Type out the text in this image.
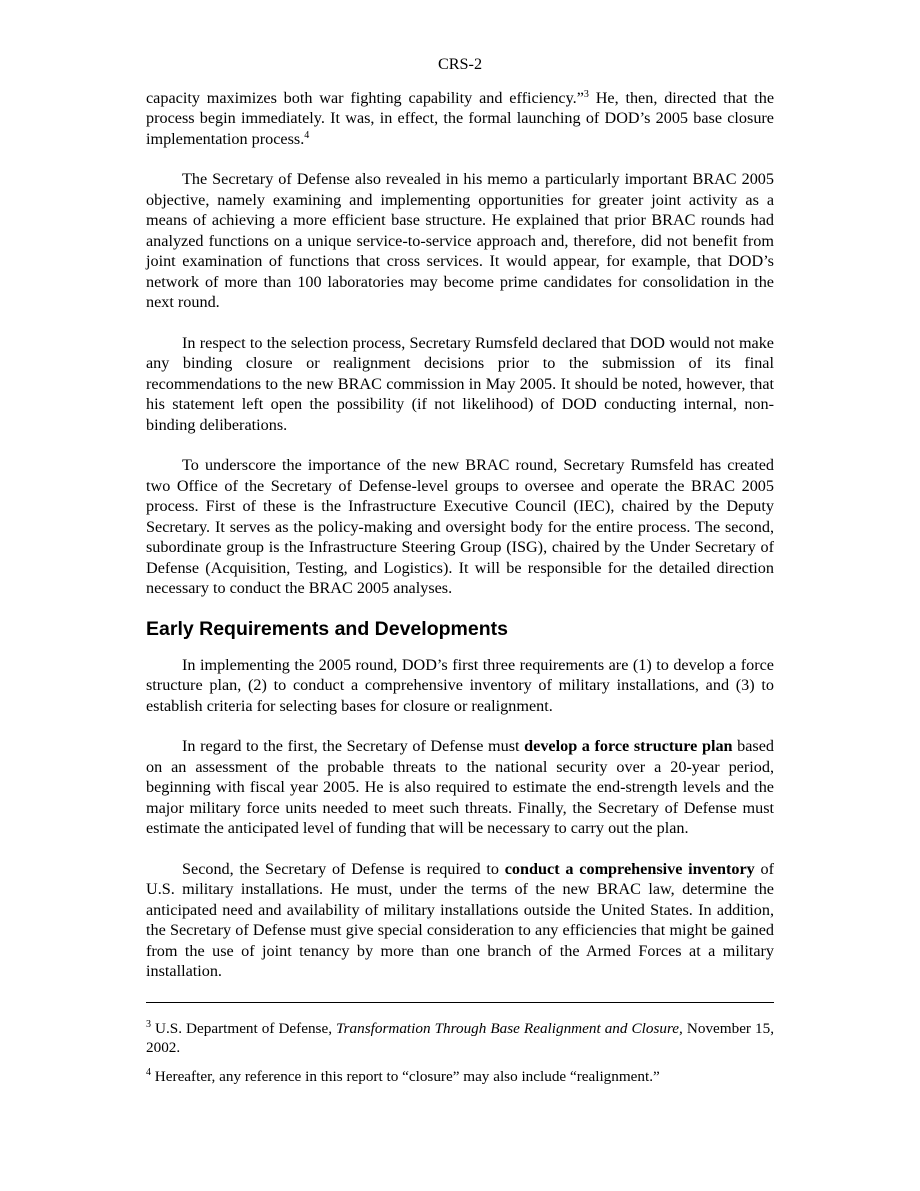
CRS-2

capacity maximizes both war fighting capability and efficiency.”$^3$ He, then, directed that the process begin immediately. It was, in effect, the formal launching of DOD’s 2005 base closure implementation process.$^4$

The Secretary of Defense also revealed in his memo a particularly important BRAC 2005 objective, namely examining and implementing opportunities for greater joint activity as a means of achieving a more efficient base structure. He explained that prior BRAC rounds had analyzed functions on a unique service-to-service approach and, therefore, did not benefit from joint examination of functions that cross services. It would appear, for example, that DOD’s network of more than 100 laboratories may become prime candidates for consolidation in the next round.

In respect to the selection process, Secretary Rumsfeld declared that DOD would not make any binding closure or realignment decisions prior to the submission of its final recommendations to the new BRAC commission in May 2005. It should be noted, however, that his statement left open the possibility (if not likelihood) of DOD conducting internal, non-binding deliberations.

To underscore the importance of the new BRAC round, Secretary Rumsfeld has created two Office of the Secretary of Defense-level groups to oversee and operate the BRAC 2005 process. First of these is the Infrastructure Executive Council (IEC), chaired by the Deputy Secretary. It serves as the policy-making and oversight body for the entire process. The second, subordinate group is the Infrastructure Steering Group (ISG), chaired by the Under Secretary of Defense (Acquisition, Testing, and Logistics). It will be responsible for the detailed direction necessary to conduct the BRAC 2005 analyses.

Early Requirements and Developments

In implementing the 2005 round, DOD’s first three requirements are (1) to develop a force structure plan, (2) to conduct a comprehensive inventory of military installations, and (3) to establish criteria for selecting bases for closure or realignment.

In regard to the first, the Secretary of Defense must develop a force structure plan based on an assessment of the probable threats to the national security over a 20-year period, beginning with fiscal year 2005. He is also required to estimate the end-strength levels and the major military force units needed to meet such threats. Finally, the Secretary of Defense must estimate the anticipated level of funding that will be necessary to carry out the plan.

Second, the Secretary of Defense is required to conduct a comprehensive inventory of U.S. military installations. He must, under the terms of the new BRAC law, determine the anticipated need and availability of military installations outside the United States. In addition, the Secretary of Defense must give special consideration to any efficiencies that might be gained from the use of joint tenancy by more than one branch of the Armed Forces at a military installation.

$^3$ U.S. Department of Defense, Transformation Through Base Realignment and Closure, November 15, 2002.

$^4$ Hereafter, any reference in this report to “closure” may also include “realignment.”
